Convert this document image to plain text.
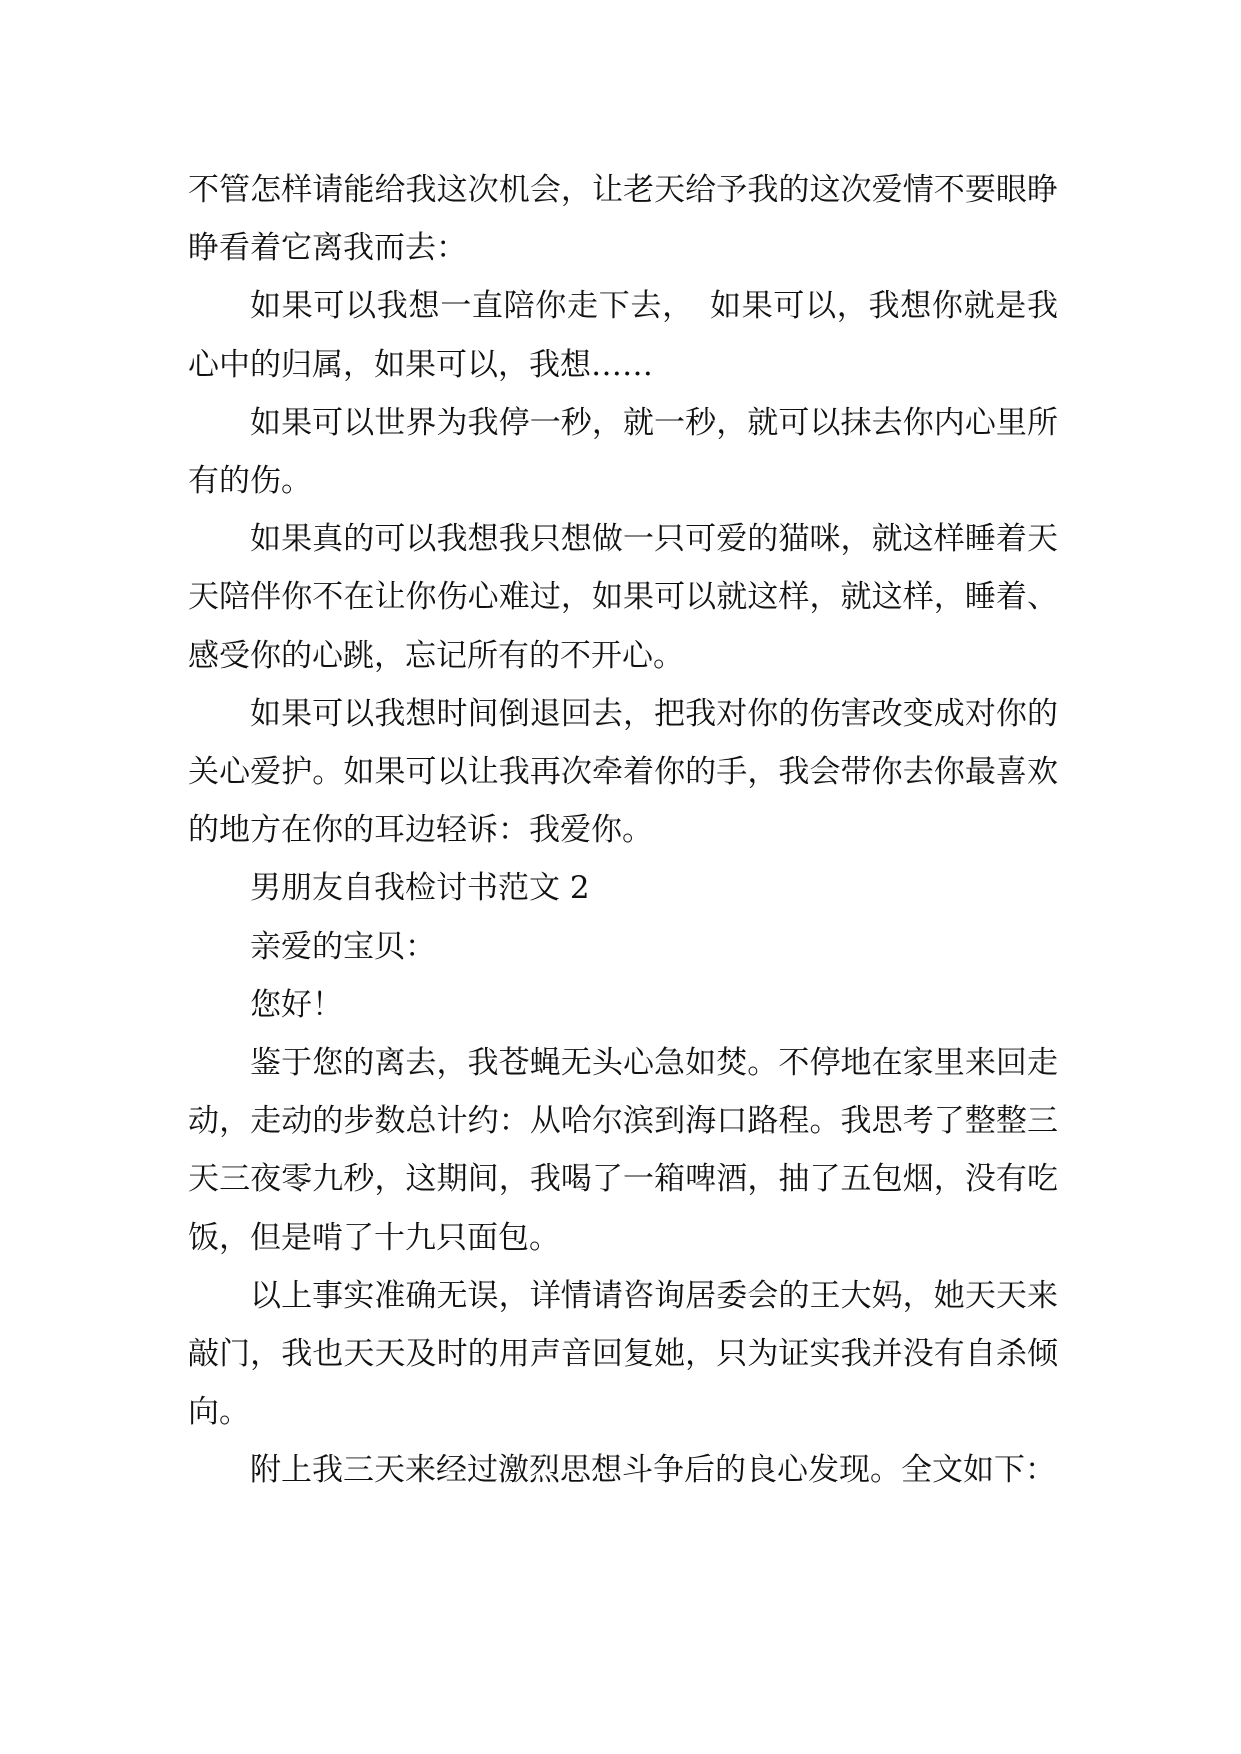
不管怎样请能给我这次机会，让老天给予我的这次爱情不要眼睁睁看着它离我而去：

如果可以我想一直陪你走下去，　如果可以，我想你就是我心中的归属，如果可以，我想……

如果可以世界为我停一秒，就一秒，就可以抹去你内心里所有的伤。

如果真的可以我想我只想做一只可爱的猫咪，就这样睡着天天陪伴你不在让你伤心难过，如果可以就这样，就这样，睡着、感受你的心跳，忘记所有的不开心。

如果可以我想时间倒退回去，把我对你的伤害改变成对你的关心爱护。如果可以让我再次牵着你的手，我会带你去你最喜欢的地方在你的耳边轻诉：我爱你。

男朋友自我检讨书范文 2

亲爱的宝贝：

您好！

鉴于您的离去，我苍蝇无头心急如焚。不停地在家里来回走动，走动的步数总计约：从哈尔滨到海口路程。我思考了整整三天三夜零九秒，这期间，我喝了一箱啤酒，抽了五包烟，没有吃饭，但是啃了十九只面包。

以上事实准确无误，详情请咨询居委会的王大妈，她天天来敲门，我也天天及时的用声音回复她，只为证实我并没有自杀倾向。

附上我三天来经过激烈思想斗争后的良心发现。全文如下：
